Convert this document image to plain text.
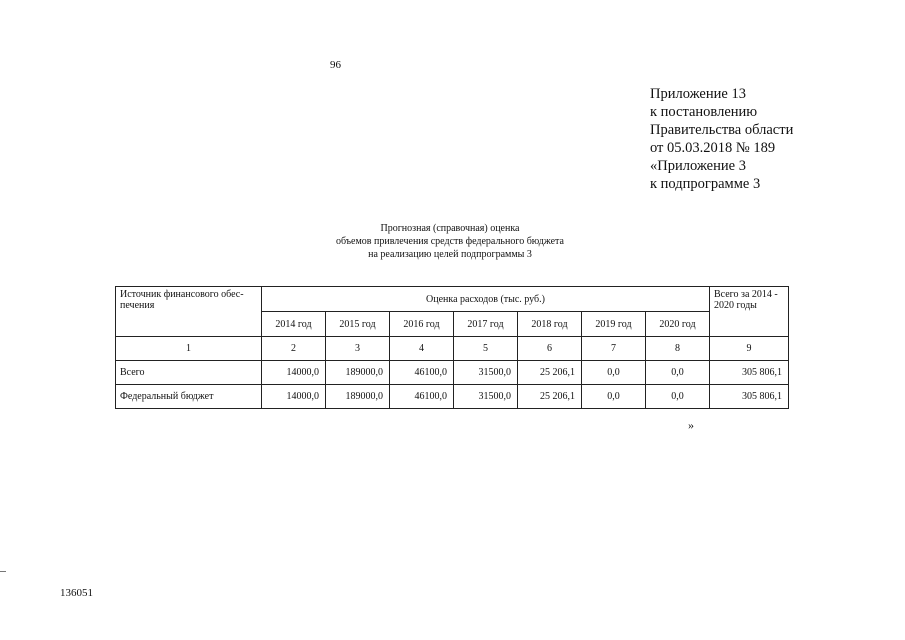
96
Приложение 13
к постановлению
Правительства области
от 05.03.2018 № 189
«Приложение 3
к подпрограмме 3
Прогнозная (справочная) оценка
объемов привлечения средств федерального бюджета
на реализацию целей подпрограммы 3
Источник финансового обес-печения	Оценка расходов (тыс. руб.)							Всего за 2014 - 2020 годы
	2014 год	2015 год	2016 год	2017 год	2018 год	2019 год	2020 год	
1	2	3	4	5	6	7	8	9
Всего	14000,0	189000,0	46100,0	31500,0	25 206,1	0,0	0,0	305 806,1
Федеральный бюджет	14000,0	189000,0	46100,0	31500,0	25 206,1	0,0	0,0	305 806,1
»
136051
